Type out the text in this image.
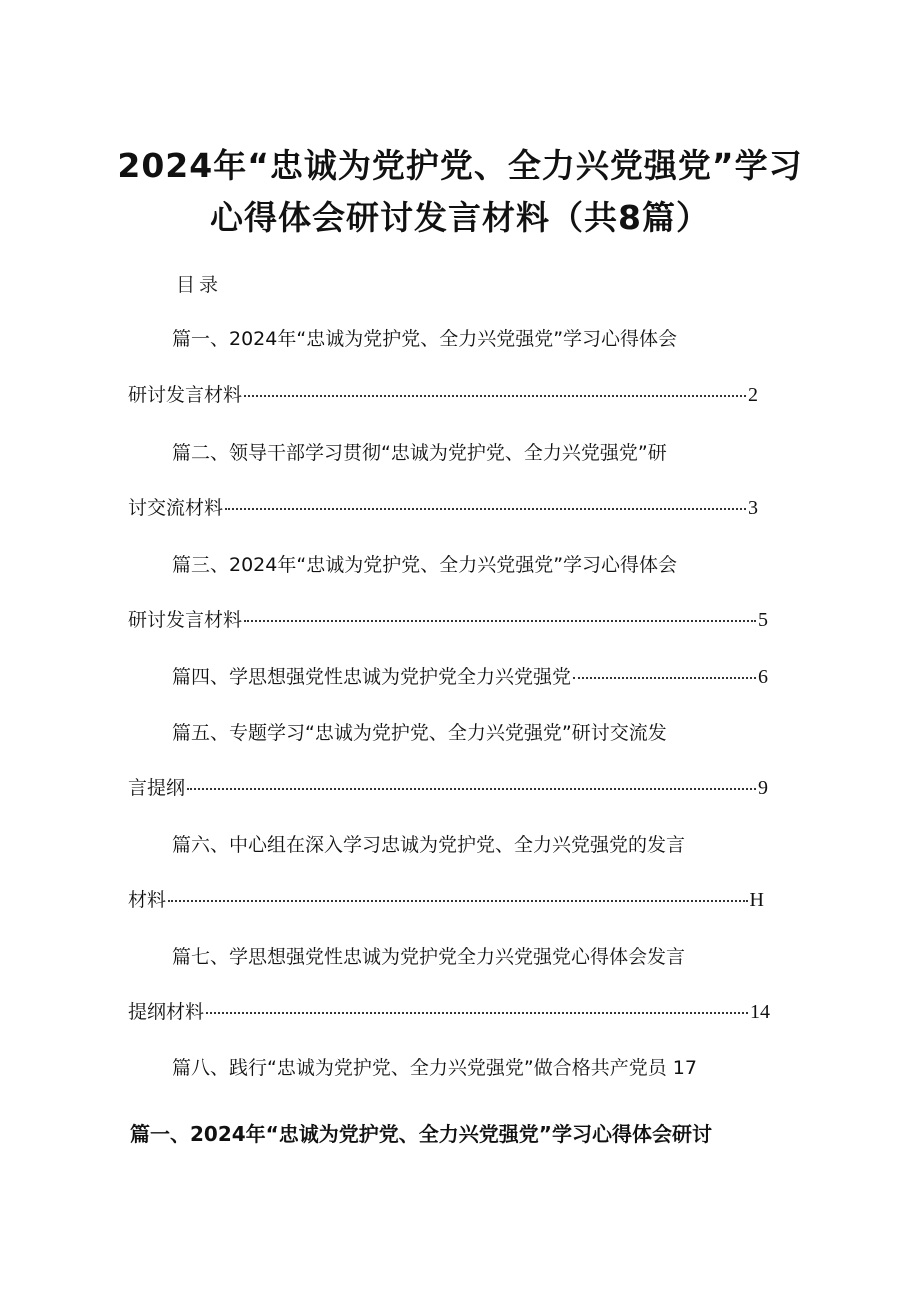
2024年“忠诚为党护党、全力兴党强党”学习
心得体会研讨发言材料（共8篇）
目录
篇一、2024年“忠诚为党护党、全力兴党强党”学习心得体会
研讨发言材料	2
篇二、领导干部学习贯彻“忠诚为党护党、全力兴党强党”研
讨交流材料	3
篇三、2024年“忠诚为党护党、全力兴党强党”学习心得体会
研讨发言材料	5
篇四、学思想强党性忠诚为党护党全力兴党强党	6
篇五、专题学习“忠诚为党护党、全力兴党强党”研讨交流发
言提纲	9
篇六、中心组在深入学习忠诚为党护党、全力兴党强党的发言
材料	H
篇七、学思想强党性忠诚为党护党全力兴党强党心得体会发言
提纲材料	14
篇八、践行“忠诚为党护党、全力兴党强党”做合格共产党员 17
篇一、2024年“忠诚为党护党、全力兴党强党”学习心得体会研讨
